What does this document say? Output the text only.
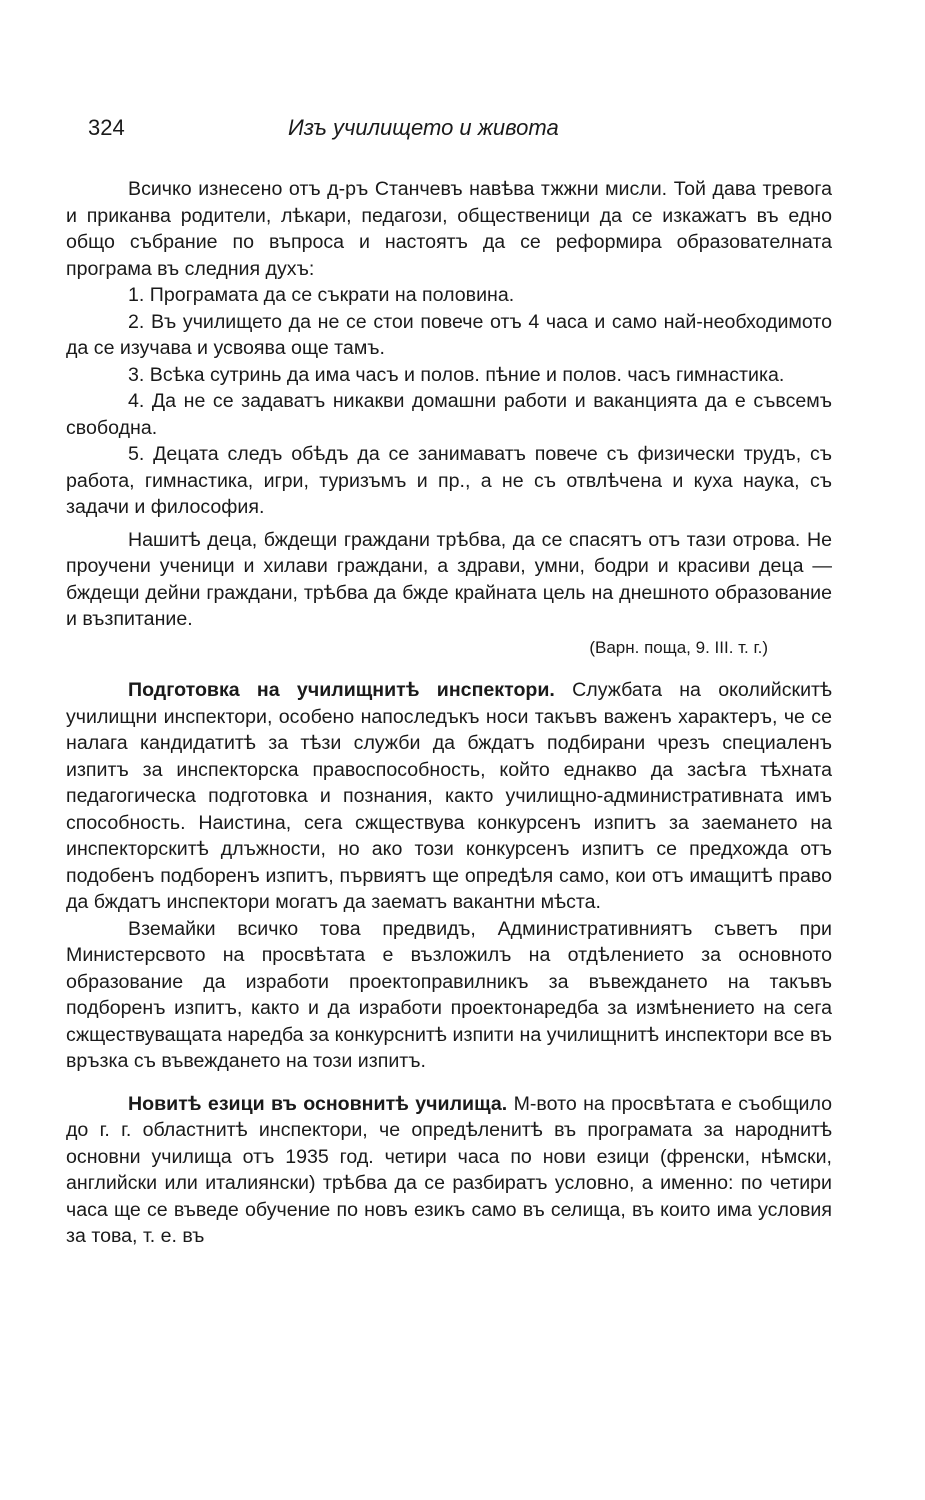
324	Изъ училището и живота

Всичко изнесено отъ д-ръ Станчевъ навѣва тжжни мисли. Той дава тревога и приканва родители, лѣкари, педагози, общественици да се изкажатъ въ едно общо събрание по въпроса и настоятъ да се реформира образователната програма въ следния духъ:

1. Програмата да се съкрати на половина.

2. Въ училището да не се стои повече отъ 4 часа и само най-необходимото да се изучава и усвоява още тамъ.

3. Всѣка сутринь да има часъ и полов. пѣние и полов. часъ гимнастика.

4. Да не се задаватъ никакви домашни работи и ваканцията да е съвсемъ свободна.

5. Децата следъ обѣдъ да се занимаватъ повече съ физически трудъ, съ работа, гимнастика, игри, туризъмъ и пр., а не съ отвлѣчена и куха наука, съ задачи и философия.

Нашитѣ деца, бждещи граждани трѣбва, да се спасятъ отъ тази отрова. Не проучени ученици и хилави граждани, а здрави, умни, бодри и красиви деца — бждещи дейни граждани, трѣбва да бжде крайната цель на днешното образование и възпитание.

(Варн. поща, 9. III. т. г.)

Подготовка на училищнитѣ инспектори. Службата на околийскитѣ училищни инспектори, особено напоследъкъ носи такъвъ важенъ характеръ, че се налага кандидатитѣ за тѣзи служби да бждатъ подбирани чрезъ специаленъ изпитъ за инспекторска правоспособность, който еднакво да засѣга тѣхната педагогическа подготовка и познания, както училищно-административната имъ способность. Наистина, сега сжществува конкурсенъ изпитъ за заемането на инспекторскитѣ длъжности, но ако този конкурсенъ изпитъ се предхожда отъ подобенъ подборенъ изпитъ, първиятъ ще опредѣля само, кои отъ имащитѣ право да бждатъ инспектори могатъ да заематъ вакантни мѣста.

Вземайки всичко това предвидъ, Административниятъ съветъ при Министерсвото на просвѣтата е възложилъ на отдѣлението за основното образование да изработи проектоправилникъ за въвеждането на такъвъ подборенъ изпитъ, както и да изработи проектонаредба за измѣнението на сега сжществуващата наредба за конкурснитѣ изпити на училищнитѣ инспектори все въ връзка съ въвеждането на този изпитъ.

Новитѣ езици въ основнитѣ училища. М-вото на просвѣтата е съобщило до г. г. областнитѣ инспектори, че опредѣленитѣ въ програмата за народнитѣ основни училища отъ 1935 год. четири часа по нови езици (френски, нѣмски, английски или италиянски) трѣбва да се разбиратъ условно, а именно: по четири часа ще се въведе обучение по новъ езикъ само въ селища, въ които има условия за това, т. е. въ
